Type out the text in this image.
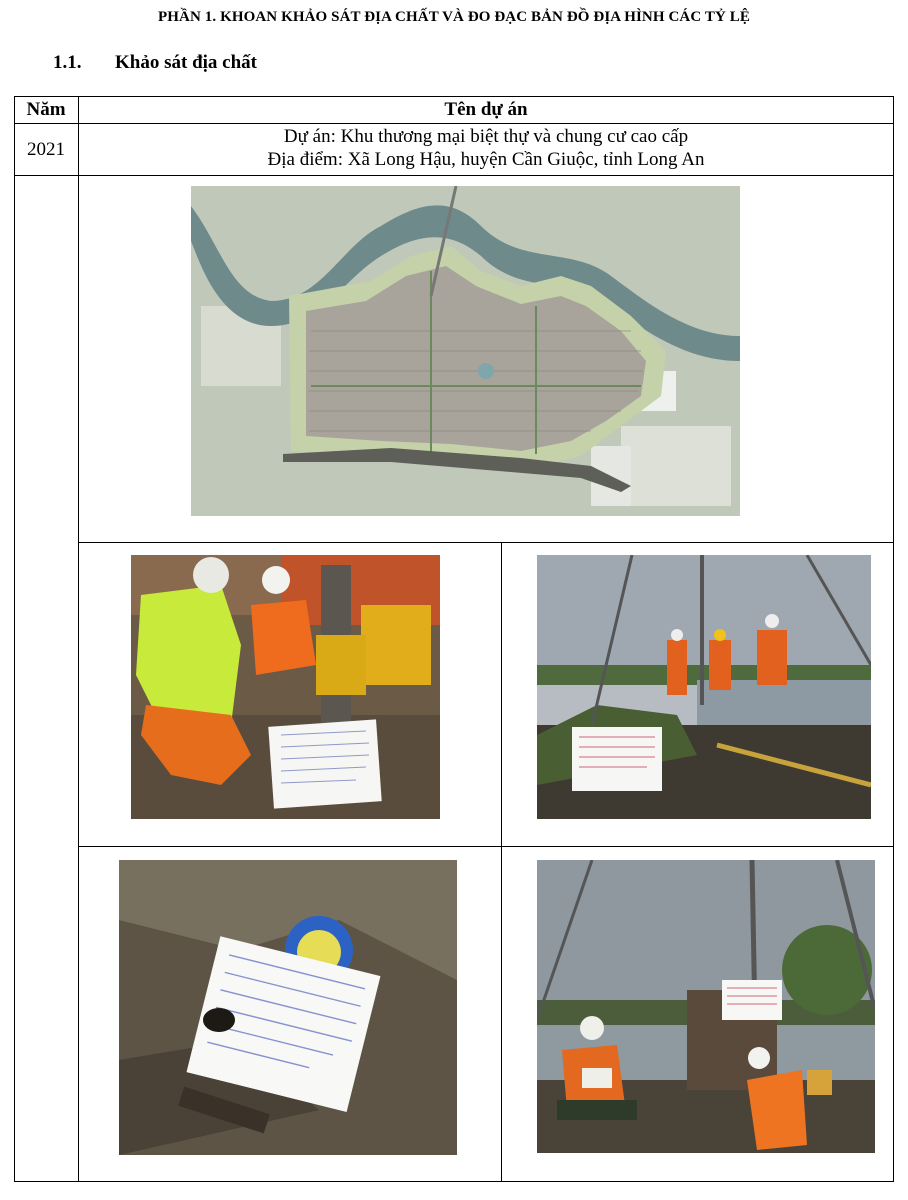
PHẦN 1. KHOAN KHẢO SÁT ĐỊA CHẤT VÀ ĐO ĐẠC BẢN ĐỒ ĐỊA HÌNH CÁC TỶ LỆ
1.1. Khảo sát địa chất
Năm	Tên dự án
2021
Dự án: Khu thương mại biệt thự và chung cư cao cấp
Địa điểm: Xã Long Hậu, huyện Cần Giuộc, tỉnh Long An
